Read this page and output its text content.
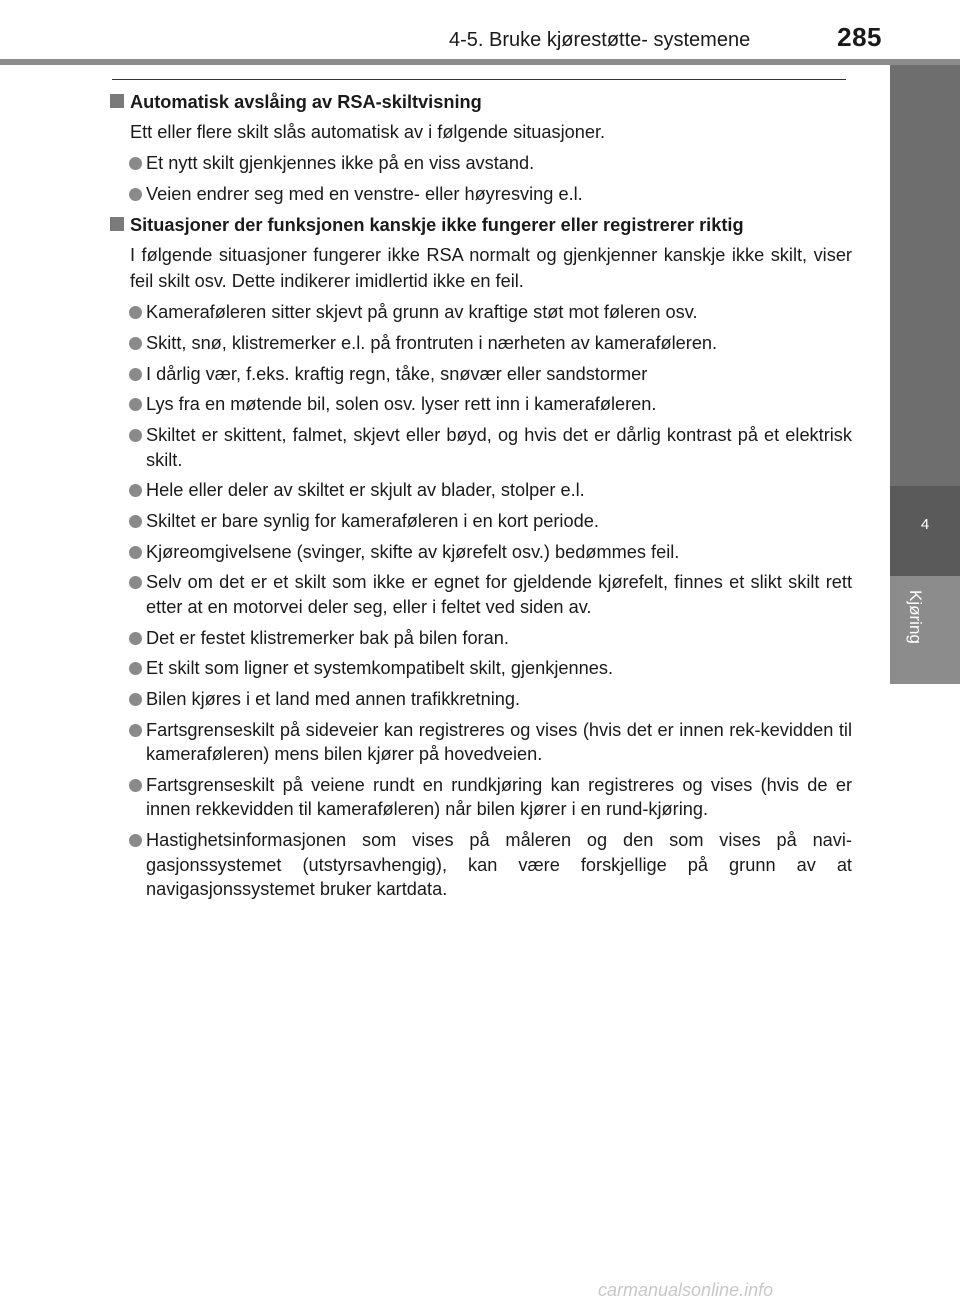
4-5. Bruke kjørestøtte- systemene	285
4
Kjøring
Automatisk avslåing av RSA-skiltvisning

Ett eller flere skilt slås automatisk av i følgende situasjoner.

Et nytt skilt gjenkjennes ikke på en viss avstand.
Veien endrer seg med en venstre- eller høyresving e.l.
Situasjoner der funksjonen kanskje ikke fungerer eller registrerer riktig

I følgende situasjoner fungerer ikke RSA normalt og gjenkjenner kanskje ikke skilt, viser feil skilt osv. Dette indikerer imidlertid ikke en feil.

Kameraføleren sitter skjevt på grunn av kraftige støt mot føleren osv.
Skitt, snø, klistremerker e.l. på frontruten i nærheten av kameraføleren.
I dårlig vær, f.eks. kraftig regn, tåke, snøvær eller sandstormer
Lys fra en møtende bil, solen osv. lyser rett inn i kameraføleren.
Skiltet er skittent, falmet, skjevt eller bøyd, og hvis det er dårlig kontrast på et elektrisk skilt.
Hele eller deler av skiltet er skjult av blader, stolper e.l.
Skiltet er bare synlig for kameraføleren i en kort periode.
Kjøreomgivelsene (svinger, skifte av kjørefelt osv.) bedømmes feil.
Selv om det er et skilt som ikke er egnet for gjeldende kjørefelt, finnes et slikt skilt rett etter at en motorvei deler seg, eller i feltet ved siden av.
Det er festet klistremerker bak på bilen foran.
Et skilt som ligner et systemkompatibelt skilt, gjenkjennes.
Bilen kjøres i et land med annen trafikkretning.
Fartsgrenseskilt på sideveier kan registreres og vises (hvis det er innen rek-kevidden til kameraføleren) mens bilen kjører på hovedveien.
Fartsgrenseskilt på veiene rundt en rundkjøring kan registreres og vises (hvis de er innen rekkevidden til kameraføleren) når bilen kjører i en rund-kjøring.
Hastighetsinformasjonen som vises på måleren og den som vises på navi-gasjonssystemet (utstyrsavhengig), kan være forskjellige på grunn av at navigasjonssystemet bruker kartdata.
carmanualsonline.info
